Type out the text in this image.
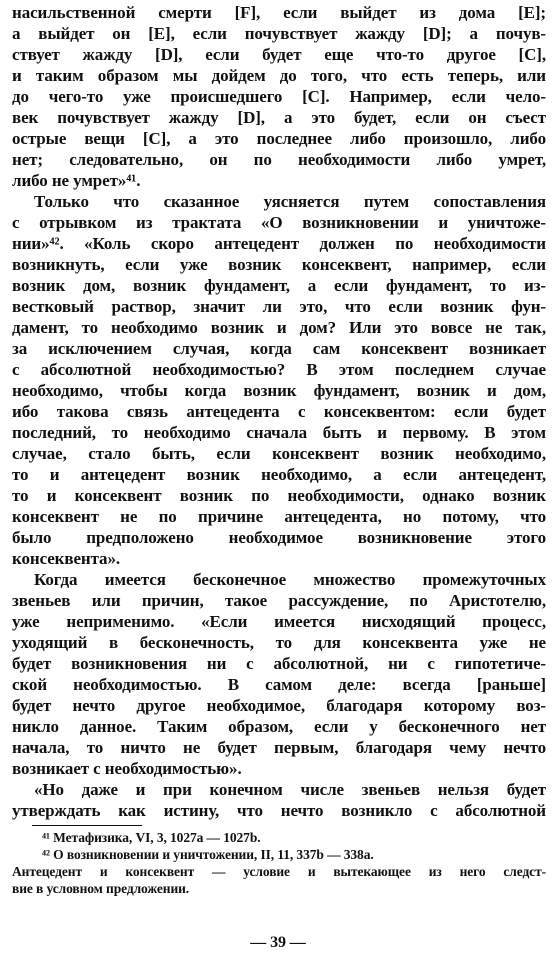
насильственной смерти [F], если выйдет из дома [E];
а выйдет он [E], если почувствует жажду [D]; а почув-
ствует жажду [D], если будет еще что-то другое [C],
и таким образом мы дойдем до того, что есть теперь, или
до чего-то уже происшедшего [C]. Например, если чело-
век почувствует жажду [D], а это будет, если он съест
острые вещи [C], а это последнее либо произошло, либо
нет; следовательно, он по необходимости либо умрет,
либо не умрет»⁴¹.
Только что сказанное уясняется путем сопоставления
с отрывком из трактата «О возникновении и уничтоже-
нии»⁴². «Коль скоро антецедент должен по необходимости
возникнуть, если уже возник консеквент, например, если
возник дом, возник фундамент, а если фундамент, то из-
вестковый раствор, значит ли это, что если возник фун-
дамент, то необходимо возник и дом? Или это вовсе не так,
за исключением случая, когда сам консеквент возникает
с абсолютной необходимостью? В этом последнем случае
необходимо, чтобы когда возник фундамент, возник и дом,
ибо такова связь антецедента с консеквентом: если будет
последний, то необходимо сначала быть и первому. В этом
случае, стало быть, если консеквент возник необходимо,
то и антецедент возник необходимо, а если антецедент,
то и консеквент возник по необходимости, однако возник
консеквент не по причине антецедента, но потому, что
было предположено необходимое возникновение этого
консеквента».
Когда имеется бесконечное множество промежуточных
звеньев или причин, такое рассуждение, по Аристотелю,
уже неприменимо. «Если имеется нисходящий процесс,
уходящий в бесконечность, то для консеквента уже не
будет возникновения ни с абсолютной, ни с гипотетиче-
ской необходимостью. В самом деле: всегда [раньше]
будет нечто другое необходимое, благодаря которому воз-
никло данное. Таким образом, если у бесконечного нет
начала, то ничто не будет первым, благодаря чему нечто
возникает с необходимостью».
«Но даже и при конечном числе звеньев нельзя будет
утверждать как истину, что нечто возникло с абсолютной
⁴¹ Метафизика, VI, 3, 1027a — 1027b.
⁴² О возникновении и уничтожении, II, 11, 337b — 338a.
Антецедент и консеквент — условие и вытекающее из него следст-
вие в условном предложении.
— 39 —
